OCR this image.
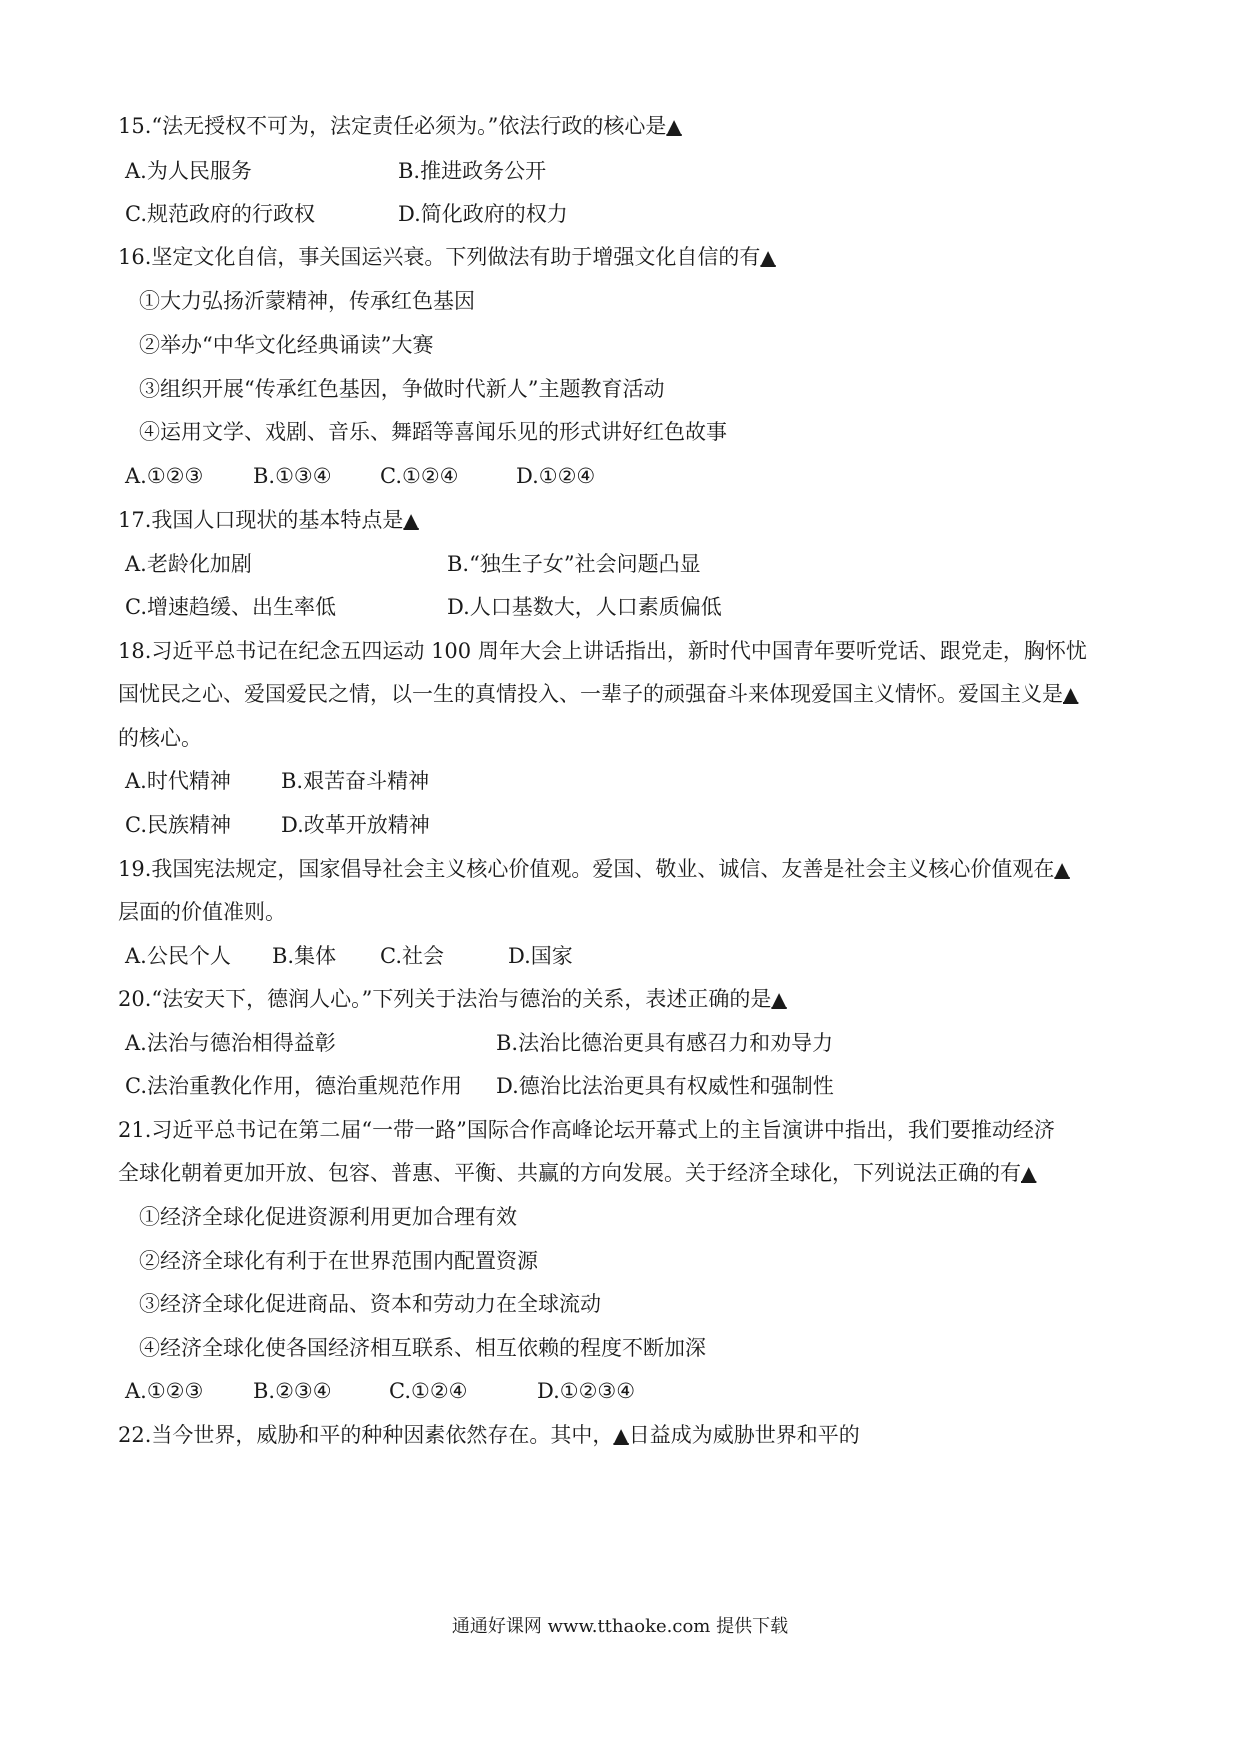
15.“法无授权不可为，法定责任必须为。”依法行政的核心是▲
A.为人民服务	B.推进政务公开
C.规范政府的行政权	D.简化政府的权力
16.坚定文化自信，事关国运兴衰。下列做法有助于增强文化自信的有▲
①大力弘扬沂蒙精神，传承红色基因
②举办“中华文化经典诵读”大赛
③组织开展“传承红色基因，争做时代新人”主题教育活动
④运用文学、戏剧、音乐、舞蹈等喜闻乐见的形式讲好红色故事
A.①②③ B.①③④ C.①②④	D.①②④
17.我国人口现状的基本特点是▲
A.老龄化加剧	B.“独生子女”社会问题凸显
C.增速趋缓、出生率低	D.人口基数大，人口素质偏低
18.习近平总书记在纪念五四运动 100 周年大会上讲话指出，新时代中国青年要听党话、跟党走，胸怀忧
国忧民之心、爱国爱民之情，以一生的真情投入、一辈子的顽强奋斗来体现爱国主义情怀。爱国主义是▲
的核心。
A.时代精神 B.艰苦奋斗精神
C.民族精神 D.改革开放精神
19.我国宪法规定，国家倡导社会主义核心价值观。爱国、敬业、诚信、友善是社会主义核心价值观在▲
层面的价值准则。
A.公民个人 B.集体 C.社会	D.国家
20.“法安天下，德润人心。”下列关于法治与德治的关系，表述正确的是▲
A.法治与德治相得益彰	B.法治比德治更具有感召力和劝导力
C.法治重教化作用，德治重规范作用 D.德治比法治更具有权威性和强制性
21.习近平总书记在第二届“一带一路”国际合作高峰论坛开幕式上的主旨演讲中指出，我们要推动经济
全球化朝着更加开放、包容、普惠、平衡、共赢的方向发展。关于经济全球化，下列说法正确的有▲
①经济全球化促进资源利用更加合理有效
②经济全球化有利于在世界范围内配置资源
③经济全球化促进商品、资本和劳动力在全球流动
④经济全球化使各国经济相互联系、相互依赖的程度不断加深
A.①②③ B.②③④	C.①②④	D.①②③④
22.当今世界，威胁和平的种种因素依然存在。其中，▲日益成为威胁世界和平的
通通好课网 www.tthaoke.com 提供下载
